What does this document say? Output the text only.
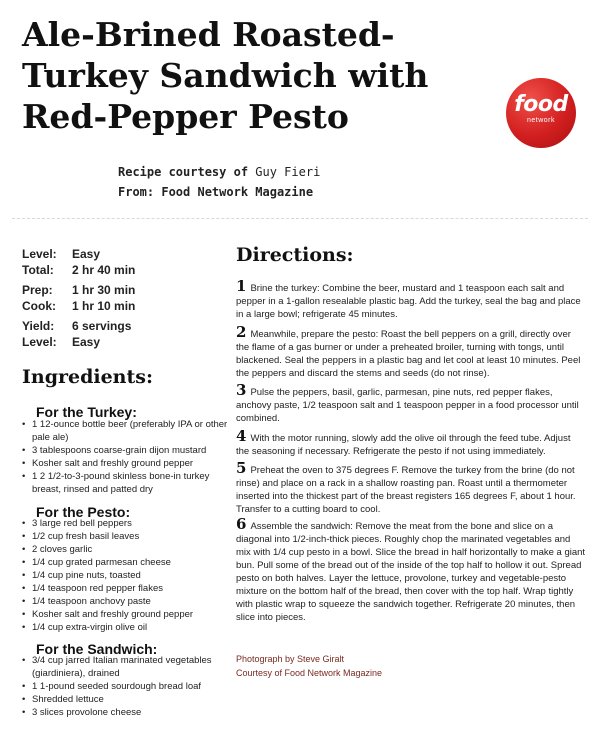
Ale-Brined Roasted-Turkey Sandwich with Red-Pepper Pesto	food
network
Recipe courtesy of Guy Fieri
From: Food Network Magazine
Level: Easy
Total: 2 hr 40 min
Prep: 1 hr 30 min
Cook: 1 hr 10 min
Yield: 6 servings
Level: Easy
Ingredients:
For the Turkey:
• 1 12-ounce bottle beer (preferably IPA or other pale ale)
• 3 tablespoons coarse-grain dijon mustard
• Kosher salt and freshly ground pepper
• 1 2 1/2-to-3-pound skinless bone-in turkey breast, rinsed and patted dry
For the Pesto:
• 3 large red bell peppers
• 1/2 cup fresh basil leaves
• 2 cloves garlic
• 1/4 cup grated parmesan cheese
• 1/4 cup pine nuts, toasted
• 1/4 teaspoon red pepper flakes
• 1/4 teaspoon anchovy paste
• Kosher salt and freshly ground pepper
• 1/4 cup extra-virgin olive oil
For the Sandwich:
• 3/4 cup jarred Italian marinated vegetables (giardiniera), drained
• 1 1-pound seeded sourdough bread loaf
• Shredded lettuce
• 3 slices provolone cheese
Directions:
1 Brine the turkey: Combine the beer, mustard and 1 teaspoon each salt and pepper in a 1-gallon resealable plastic bag. Add the turkey, seal the bag and place in a large bowl; refrigerate 45 minutes.
2 Meanwhile, prepare the pesto: Roast the bell peppers on a grill, directly over the flame of a gas burner or under a preheated broiler, turning with tongs, until blackened. Seal the peppers in a plastic bag and let cool at least 10 minutes. Peel the peppers and discard the stems and seeds (do not rinse).
3 Pulse the peppers, basil, garlic, parmesan, pine nuts, red pepper flakes, anchovy paste, 1/2 teaspoon salt and 1 teaspoon pepper in a food processor until combined.
4 With the motor running, slowly add the olive oil through the feed tube. Adjust the seasoning if necessary. Refrigerate the pesto if not using immediately.
5 Preheat the oven to 375 degrees F. Remove the turkey from the brine (do not rinse) and place on a rack in a shallow roasting pan. Roast until a thermometer inserted into the thickest part of the breast registers 165 degrees F, about 1 hour. Transfer to a cutting board to cool.
6 Assemble the sandwich: Remove the meat from the bone and slice on a diagonal into 1/2-inch-thick pieces. Roughly chop the marinated vegetables and mix with 1/4 cup pesto in a bowl. Slice the bread in half horizontally to make a giant bun. Pull some of the bread out of the inside of the top half to hollow it out. Spread pesto on both halves. Layer the lettuce, provolone, turkey and vegetable-pesto mixture on the bottom half of the bread, then cover with the top half. Wrap tightly with plastic wrap to squeeze the sandwich together. Refrigerate 20 minutes, then slice into pieces.
Photograph by Steve Giralt
Courtesy of Food Network Magazine
